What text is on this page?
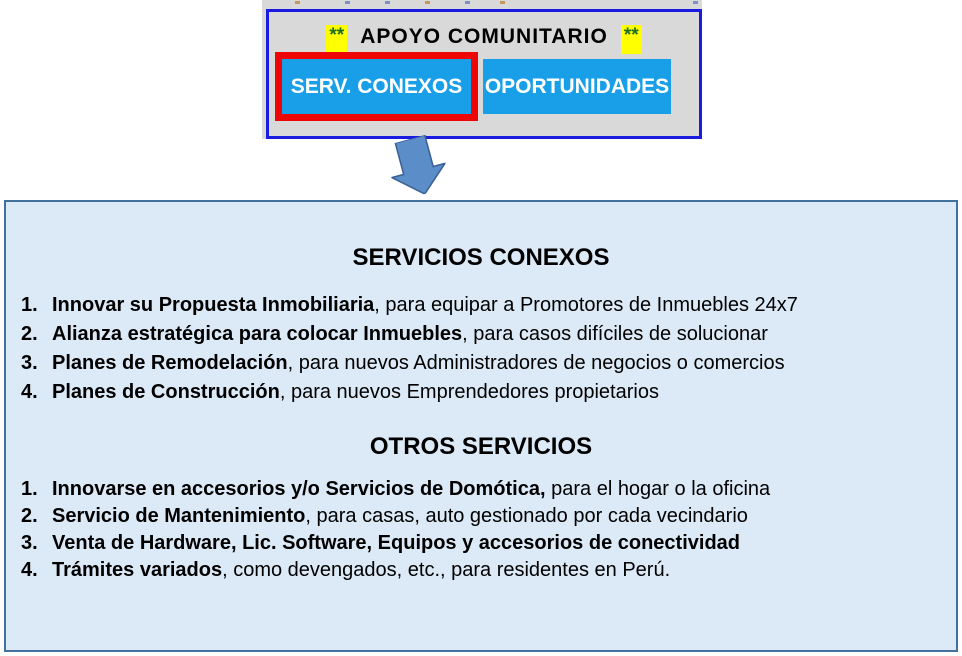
** APOYO COMUNITARIO **
SERV. CONEXOS	OPORTUNIDADES
SERVICIOS CONEXOS
1. Innovar su Propuesta Inmobiliaria, para equipar a Promotores de Inmuebles 24x7
2. Alianza estratégica para colocar Inmuebles, para casos difíciles de solucionar
3. Planes de Remodelación, para nuevos Administradores de negocios o comercios
4. Planes de Construcción, para nuevos Emprendedores propietarios
OTROS SERVICIOS
1. Innovarse en accesorios y/o Servicios de Domótica, para el hogar o la oficina
2. Servicio de Mantenimiento, para casas, auto gestionado por cada vecindario
3. Venta de Hardware, Lic. Software, Equipos y accesorios de conectividad
4. Trámites variados, como devengados, etc., para residentes en Perú.
